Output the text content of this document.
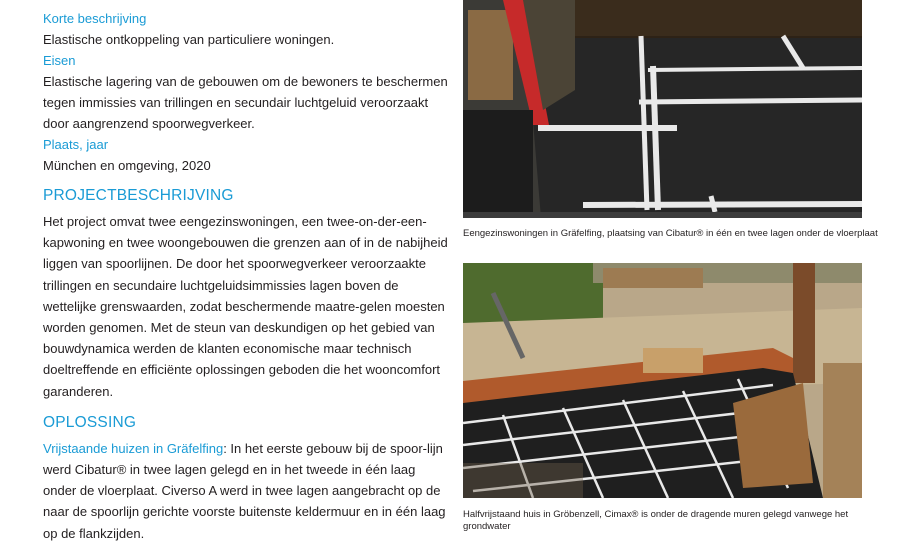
Korte beschrijving
Elastische ontkoppeling van particuliere woningen.
Eisen
Elastische lagering van de gebouwen om de bewoners te beschermen tegen immissies van trillingen en secundair luchtgeluid veroorzaakt door aangrenzend spoorwegverkeer.
Plaats, jaar
München en omgeving, 2020
PROJECTBESCHRIJVING

Het project omvat twee eengezinswoningen, een twee-on-der-een-kapwoning en twee woongebouwen die grenzen aan of in de nabijheid liggen van spoorlijnen. De door het spoorwegverkeer veroorzaakte trillingen en secundaire luchtgeluidsimmissies lagen boven de wettelijke grenswaarden, zodat beschermende maatre-gelen moesten worden genomen. Met de steun van deskundigen op het gebied van bouwdynamica werden de klanten economische maar technisch doeltreffende en efficiënte oplossingen geboden die het wooncomfort garanderen.

OPLOSSING

Vrijstaande huizen in Gräfelfing: In het eerste gebouw bij de spoor-lijn werd Cibatur® in twee lagen gelegd en in het tweede in één laag onder de vloerplaat. Civerso A werd in twee lagen aangebracht op de naar de spoorlijn gerichte voorste buitenste keldermuur en in één laag op de flankzijden.

Eengezinswoningen in Gräfelfing, plaatsing van Cibatur® in één en twee lagen onder de vloerplaat
Halfvrijstaand huis in Gröbenzell, Cimax® is onder de dragende muren gelegd vanwege het grondwater
